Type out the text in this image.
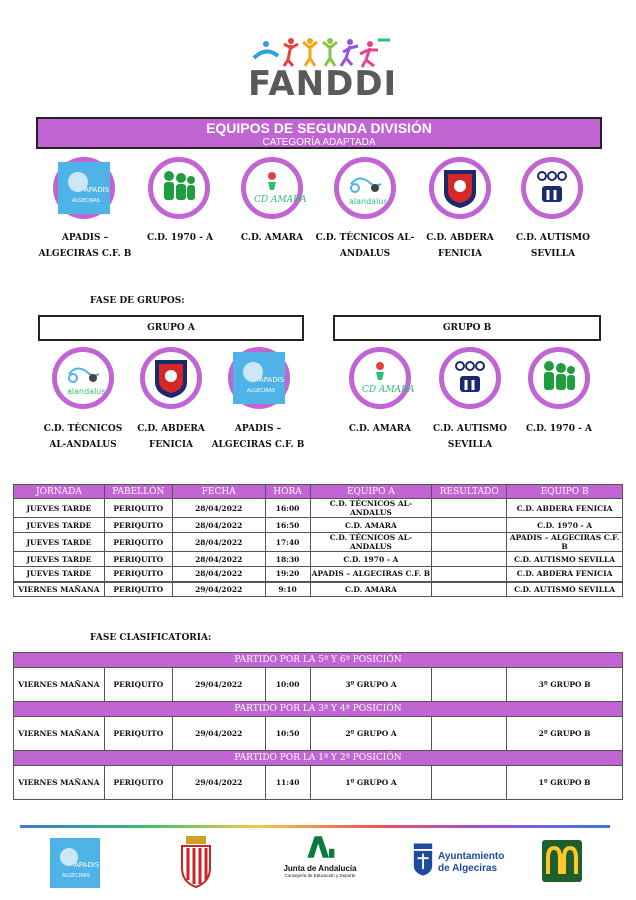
FANDDI
EQUIPOS DE SEGUNDA DIVISIÓN
CATEGORÍA ADAPTADA
APADIS
ALGECIRAS	CD AMARA	alandalus
APADIS –
ALGECIRAS C.F. B
C.D. 1970 - A	C.D. AMARA	C.D. TÉCNICOS AL-
ANDALUS
C.D. ABDERA
FENICIA
C.D. AUTISMO
SEVILLA
FASE DE GRUPOS:
GRUPO A	GRUPO B
alandalus
APADIS
ALGECIRAS	CD AMARA
C.D. TÉCNICOS
AL-ANDALUS
C.D. ABDERA
FENICIA
APADIS –
ALGECIRAS C.F. B
C.D. AMARA	C.D. AUTISMO
SEVILLA
C.D. 1970 - A
JORNADA	PABELLÓN	FECHA	HORA	EQUIPO A	RESULTADO	EQUIPO B
JUEVES TARDE	PERIQUITO	28/04/2022	16:00	C.D. TÉCNICOS AL-ANDALUS		C.D. ABDERA FENICIA
JUEVES TARDE	PERIQUITO	28/04/2022	16:50	C.D. AMARA		C.D. 1970 - A
JUEVES TARDE	PERIQUITO	28/04/2022	17:40	C.D. TÉCNICOS AL-ANDALUS		APADIS – ALGECIRAS C.F. B
JUEVES TARDE	PERIQUITO	28/04/2022	18:30	C.D. 1970 - A		C.D. AUTISMO SEVILLA
JUEVES TARDE	PERIQUITO	28/04/2022	19:20	APADIS – ALGECIRAS C.F. B		C.D. ABDERA FENICIA
VIERNES MAÑANA	PERIQUITO	29/04/2022	9:10	C.D. AMARA		C.D. AUTISMO SEVILLA
FASE CLASIFICATORIA:
PARTIDO POR LA 5ª Y 6ª POSICIÓN						
VIERNES MAÑANA	PERIQUITO	29/04/2022	10:00	3º GRUPO A		3º GRUPO B
PARTIDO POR LA 3ª Y 4ª POSICIÓN						
VIERNES MAÑANA	PERIQUITO	29/04/2022	10:50	2º GRUPO A		2º GRUPO B
PARTIDO POR LA 1ª Y 2ª POSICIÓN						
VIERNES MAÑANA	PERIQUITO	29/04/2022	11:40	1º GRUPO A		1º GRUPO B
APADIS
ALGECIRAS
Junta de Andalucía
Consejería de Educación y Deporte
Ayuntamiento
de Algeciras
